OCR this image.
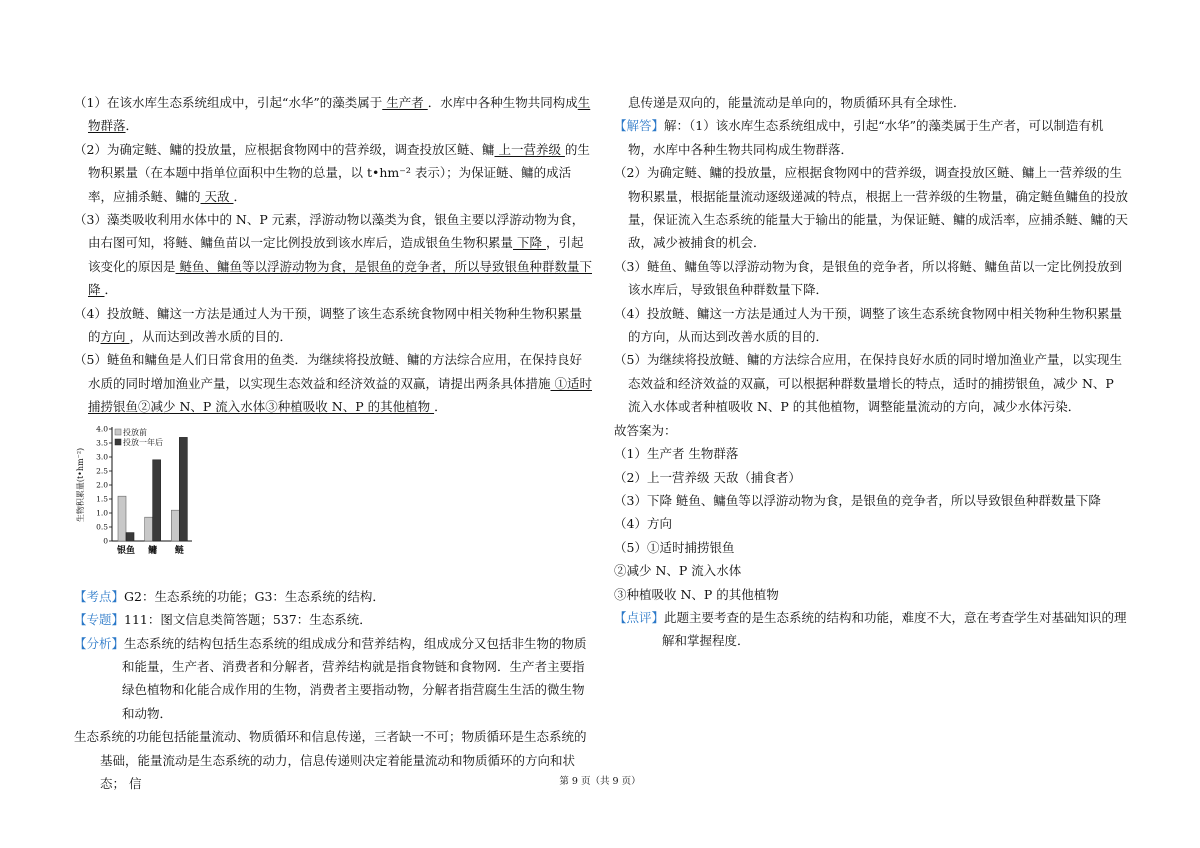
（1）在该水库生态系统组成中，引起“水华”的藻类属于 生产者 ．水库中各种生物共同构成生物群落．

（2）为确定鲢、鳙的投放量，应根据食物网中的营养级，调查投放区鲢、鳙 上一营养级 的生物积累量（在本题中指单位面积中生物的总量，以 t•hm⁻² 表示）；为保证鲢、鳙的成活率，应捕杀鲢、鳙的 天敌 ．

（3）藻类吸收利用水体中的 N、P 元素，浮游动物以藻类为食，银鱼主要以浮游动物为食，由右图可知，将鲢、鳙鱼苗以一定比例投放到该水库后，造成银鱼生物积累量 下降 ，引起该变化的原因是 鲢鱼、鳙鱼等以浮游动物为食，是银鱼的竞争者，所以导致银鱼种群数量下降 ．

（4）投放鲢、鳙这一方法是通过人为干预，调整了该生态系统食物网中相关物种生物积累量的方向 ，从而达到改善水质的目的．

（5）鲢鱼和鳙鱼是人们日常食用的鱼类．为继续将投放鲢、鳙的方法综合应用，在保持良好水质的同时增加渔业产量，以实现生态效益和经济效益的双赢，请提出两条具体措施 ①适时捕捞银鱼②减少 N、P 流入水体③种植吸收 N、P 的其他植物 ．

生物积累量(t•hm⁻²)
0
0.5
1.0
1.5
2.0
2.5
3.0
3.5
4.0
银鱼 鳙 鲢
投放前
投放一年后

【考点】G2：生态系统的功能；G3：生态系统的结构．

【专题】111：图文信息类简答题；537：生态系统．

【分析】生态系统的结构包括生态系统的组成成分和营养结构，组成成分又包括非生物的物质和能量，生产者、消费者和分解者，营养结构就是指食物链和食物网．生产者主要指绿色植物和化能合成作用的生物，消费者主要指动物，分解者指营腐生生活的微生物和动物．

生态系统的功能包括能量流动、物质循环和信息传递，三者缺一不可；物质循环是生态系统的基础，能量流动是生态系统的动力，信息传递则决定着能量流动和物质循环的方向和状态； 信

息传递是双向的，能量流动是单向的，物质循环具有全球性．

【解答】解：（1）该水库生态系统组成中，引起“水华”的藻类属于生产者，可以制造有机物，水库中各种生物共同构成生物群落．

（2）为确定鲢、鳙的投放量，应根据食物网中的营养级，调查投放区鲢、鳙上一营养级的生物积累量，根据能量流动逐级递减的特点，根据上一营养级的生物量，确定鲢鱼鳙鱼的投放量，保证流入生态系统的能量大于输出的能量，为保证鲢、鳙的成活率，应捕杀鲢、鳙的天敌，减少被捕食的机会．

（3）鲢鱼、鳙鱼等以浮游动物为食，是银鱼的竞争者，所以将鲢、鳙鱼苗以一定比例投放到该水库后，导致银鱼种群数量下降．

（4）投放鲢、鳙这一方法是通过人为干预，调整了该生态系统食物网中相关物种生物积累量的方向，从而达到改善水质的目的．

（5）为继续将投放鲢、鳙的方法综合应用，在保持良好水质的同时增加渔业产量，以实现生态效益和经济效益的双赢，可以根据种群数量增长的特点，适时的捕捞银鱼，减少 N、P 流入水体或者种植吸收 N、P 的其他植物，调整能量流动的方向，减少水体污染．

故答案为：

（1）生产者 生物群落

（2）上一营养级 天敌（捕食者）

（3）下降 鲢鱼、鳙鱼等以浮游动物为食，是银鱼的竞争者，所以导致银鱼种群数量下降

（4）方向

（5）①适时捕捞银鱼

②减少 N、P 流入水体

③种植吸收 N、P 的其他植物

【点评】此题主要考查的是生态系统的结构和功能，难度不大，意在考查学生对基础知识的理解和掌握程度．

第 9 页（共 9 页）
